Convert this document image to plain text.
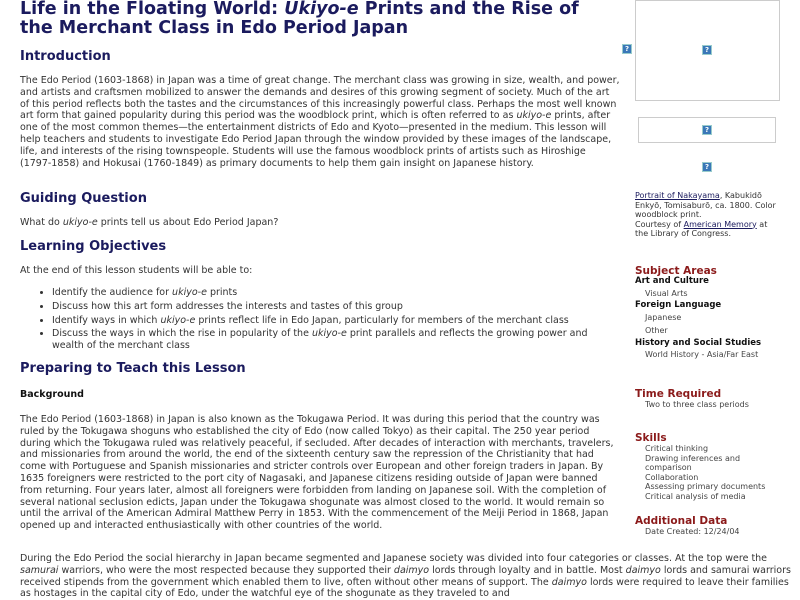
Life in the Floating World: Ukiyo-e Prints and the Rise of the Merchant Class in Edo Period Japan
Introduction

The Edo Period (1603-1868) in Japan was a time of great change. The merchant class was growing in size, wealth, and power, and artists and craftsmen mobilized to answer the demands and desires of this growing segment of society. Much of the art of this period reflects both the tastes and the circumstances of this increasingly powerful class. Perhaps the most well known art form that gained popularity during this period was the woodblock print, which is often referred to as ukiyo-e prints, after one of the most common themes—the entertainment districts of Edo and Kyoto—presented in the medium. This lesson will help teachers and students to investigate Edo Period Japan through the window provided by these images of the landscape, life, and interests of the rising townspeople. Students will use the famous woodblock prints of artists such as Hiroshige (1797-1858) and Hokusai (1760-1849) as primary documents to help them gain insight on Japanese history.

Guiding Question

What do ukiyo-e prints tell us about Edo Period Japan?

Learning Objectives

At the end of this lesson students will be able to:

• Identify the audience for ukiyo-e prints
• Discuss how this art form addresses the interests and tastes of this group
• Identify ways in which ukiyo-e prints reflect life in Edo Japan, particularly for members of the merchant class
• Discuss the ways in which the rise in popularity of the ukiyo-e print parallels and reflects the growing power and wealth of the merchant class
Preparing to Teach this Lesson
Background

The Edo Period (1603-1868) in Japan is also known as the Tokugawa Period. It was during this period that the country was ruled by the Tokugawa shoguns who established the city of Edo (now called Tokyo) as their capital. The 250 year period during which the Tokugawa ruled was relatively peaceful, if secluded. After decades of interaction with merchants, travelers, and missionaries from around the world, the end of the sixteenth century saw the repression of the Christianity that had come with Portuguese and Spanish missionaries and stricter controls over European and other foreign traders in Japan. By 1635 foreigners were restricted to the port city of Nagasaki, and Japanese citizens residing outside of Japan were banned from returning. Four years later, almost all foreigners were forbidden from landing on Japanese soil. With the completion of several national seclusion edicts, Japan under the Tokugawa shogunate was almost closed to the world. It would remain so until the arrival of the American Admiral Matthew Perry in 1853. With the commencement of the Meiji Period in 1868, Japan opened up and interacted enthusiastically with other countries of the world.

During the Edo Period the social hierarchy in Japan became segmented and Japanese society was divided into four categories or classes. At the top were the samurai warriors, who were the most respected because they supported their daimyo lords through loyalty and in battle. Most daimyo lords and samurai warriors received stipends from the government which enabled them to live, often without other means of support. The daimyo lords were required to leave their families as hostages in the capital city of Edo, under the watchful eye of the shogunate as they traveled to and

?	?
?
?
Portrait of Nakayama, Kabukidō Enkyō, Tomisaburō, ca. 1800. Color woodblock print.
Courtesy of American Memory at the Library of Congress.
Subject Areas
Art and Culture
Visual Arts
Foreign Language
Japanese
Other
History and Social Studies
World History - Asia/Far East
Time Required
Two to three class periods
Skills
Critical thinking
Drawing inferences and comparison
Collaboration
Assessing primary documents
Critical analysis of media
Additional Data
Date Created: 12/24/04
